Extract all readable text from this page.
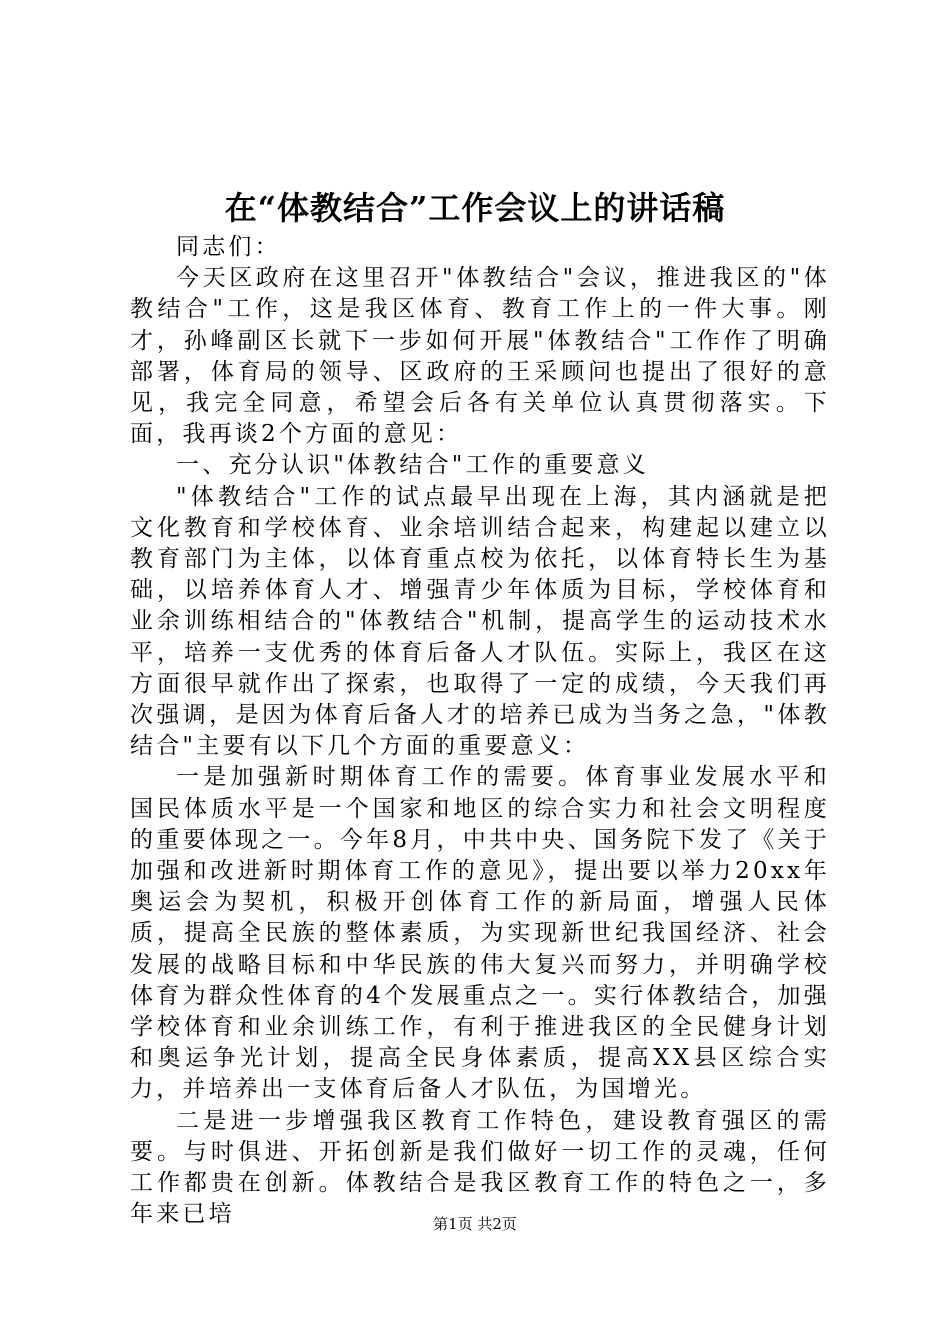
在“体教结合”工作会议上的讲话稿

同志们：

今天区政府在这里召开"体教结合"会议，推进我区的"体教结合"工作，这是我区体育、教育工作上的一件大事。刚才，孙峰副区长就下一步如何开展"体教结合"工作作了明确部署，体育局的领导、区政府的王采顾问也提出了很好的意见，我完全同意，希望会后各有关单位认真贯彻落实。下面，我再谈2个方面的意见：

一、充分认识"体教结合"工作的重要意义

"体教结合"工作的试点最早出现在上海，其内涵就是把文化教育和学校体育、业余培训结合起来，构建起以建立以教育部门为主体，以体育重点校为依托，以体育特长生为基础，以培养体育人才、增强青少年体质为目标，学校体育和业余训练相结合的"体教结合"机制，提高学生的运动技术水平，培养一支优秀的体育后备人才队伍。实际上，我区在这方面很早就作出了探索，也取得了一定的成绩，今天我们再次强调，是因为体育后备人才的培养已成为当务之急，"体教结合"主要有以下几个方面的重要意义：

一是加强新时期体育工作的需要。体育事业发展水平和国民体质水平是一个国家和地区的综合实力和社会文明程度的重要体现之一。今年8月，中共中央、国务院下发了《关于加强和改进新时期体育工作的意见》，提出要以举力20xx年奥运会为契机，积极开创体育工作的新局面，增强人民体质，提高全民族的整体素质，为实现新世纪我国经济、社会发展的战略目标和中华民族的伟大复兴而努力，并明确学校体育为群众性体育的4个发展重点之一。实行体教结合，加强学校体育和业余训练工作，有利于推进我区的全民健身计划和奥运争光计划，提高全民身体素质，提高XX县区综合实力，并培养出一支体育后备人才队伍，为国增光。

二是进一步增强我区教育工作特色，建设教育强区的需要。与时俱进、开拓创新是我们做好一切工作的灵魂，任何工作都贵在创新。体教结合是我区教育工作的特色之一，多年来已培	第1页 共2页
